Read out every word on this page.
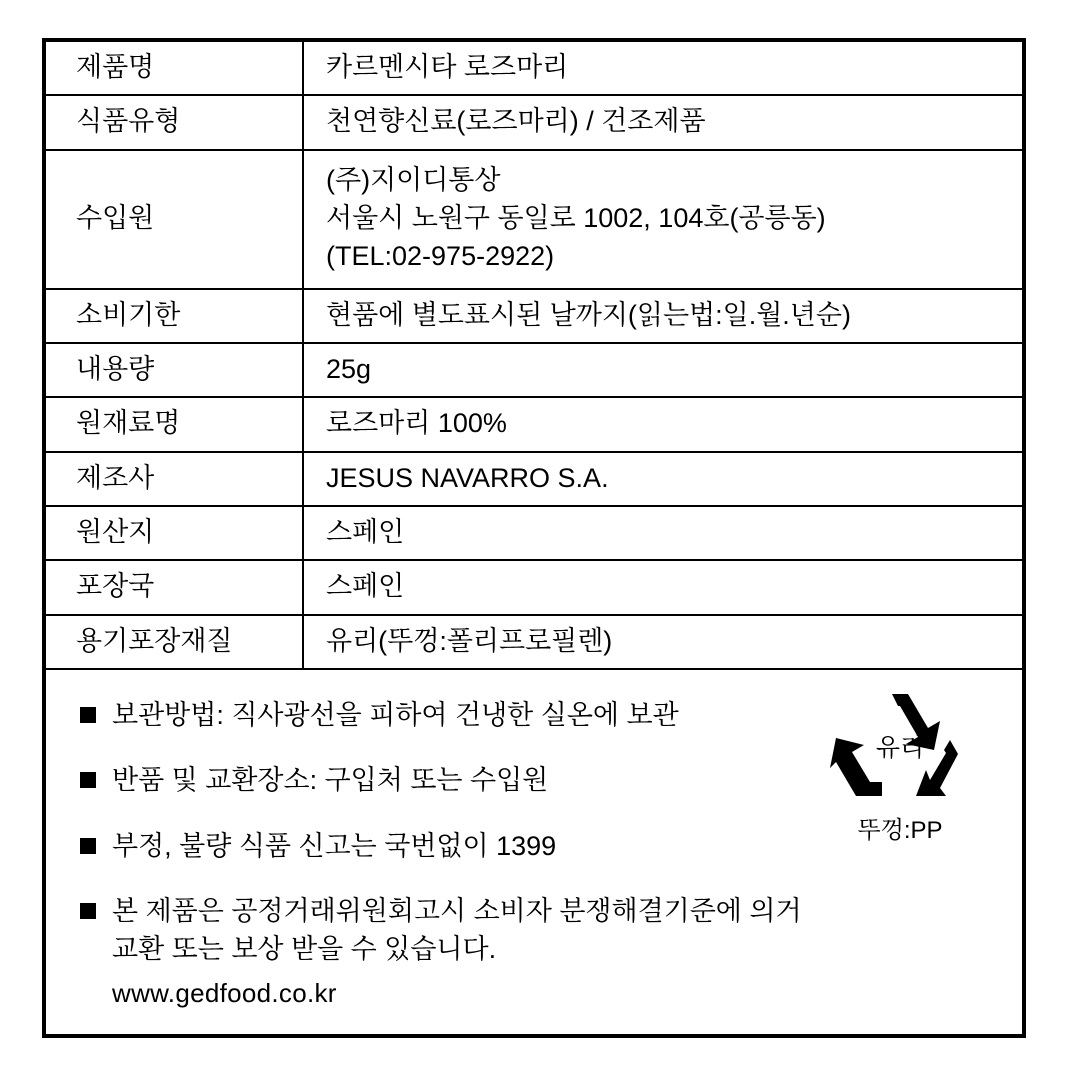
제품명	카르멘시타 로즈마리

식품유형	천연향신료(로즈마리) / 건조제품

수입원	(주)지이디통상
서울시 노원구 동일로 1002, 104호(공릉동)
(TEL:02-975-2922)

소비기한	현품에 별도표시된 날까지(읽는법:일.월.년순)

내용량	25g

원재료명	로즈마리 100%

제조사	JESUS NAVARRO S.A.

원산지	스페인

포장국	스페인

용기포장재질	유리(뚜껑:폴리프로필렌)
보관방법: 직사광선을 피하여 건냉한 실온에 보관
반품 및 교환장소: 구입처 또는 수입원
부정, 불량 식품 신고는 국번없이 1399
본 제품은 공정거래위원회고시 소비자 분쟁해결기준에 의거
교환 또는 보상 받을 수 있습니다.
www.gedfood.co.kr
유리
뚜껑:PP
